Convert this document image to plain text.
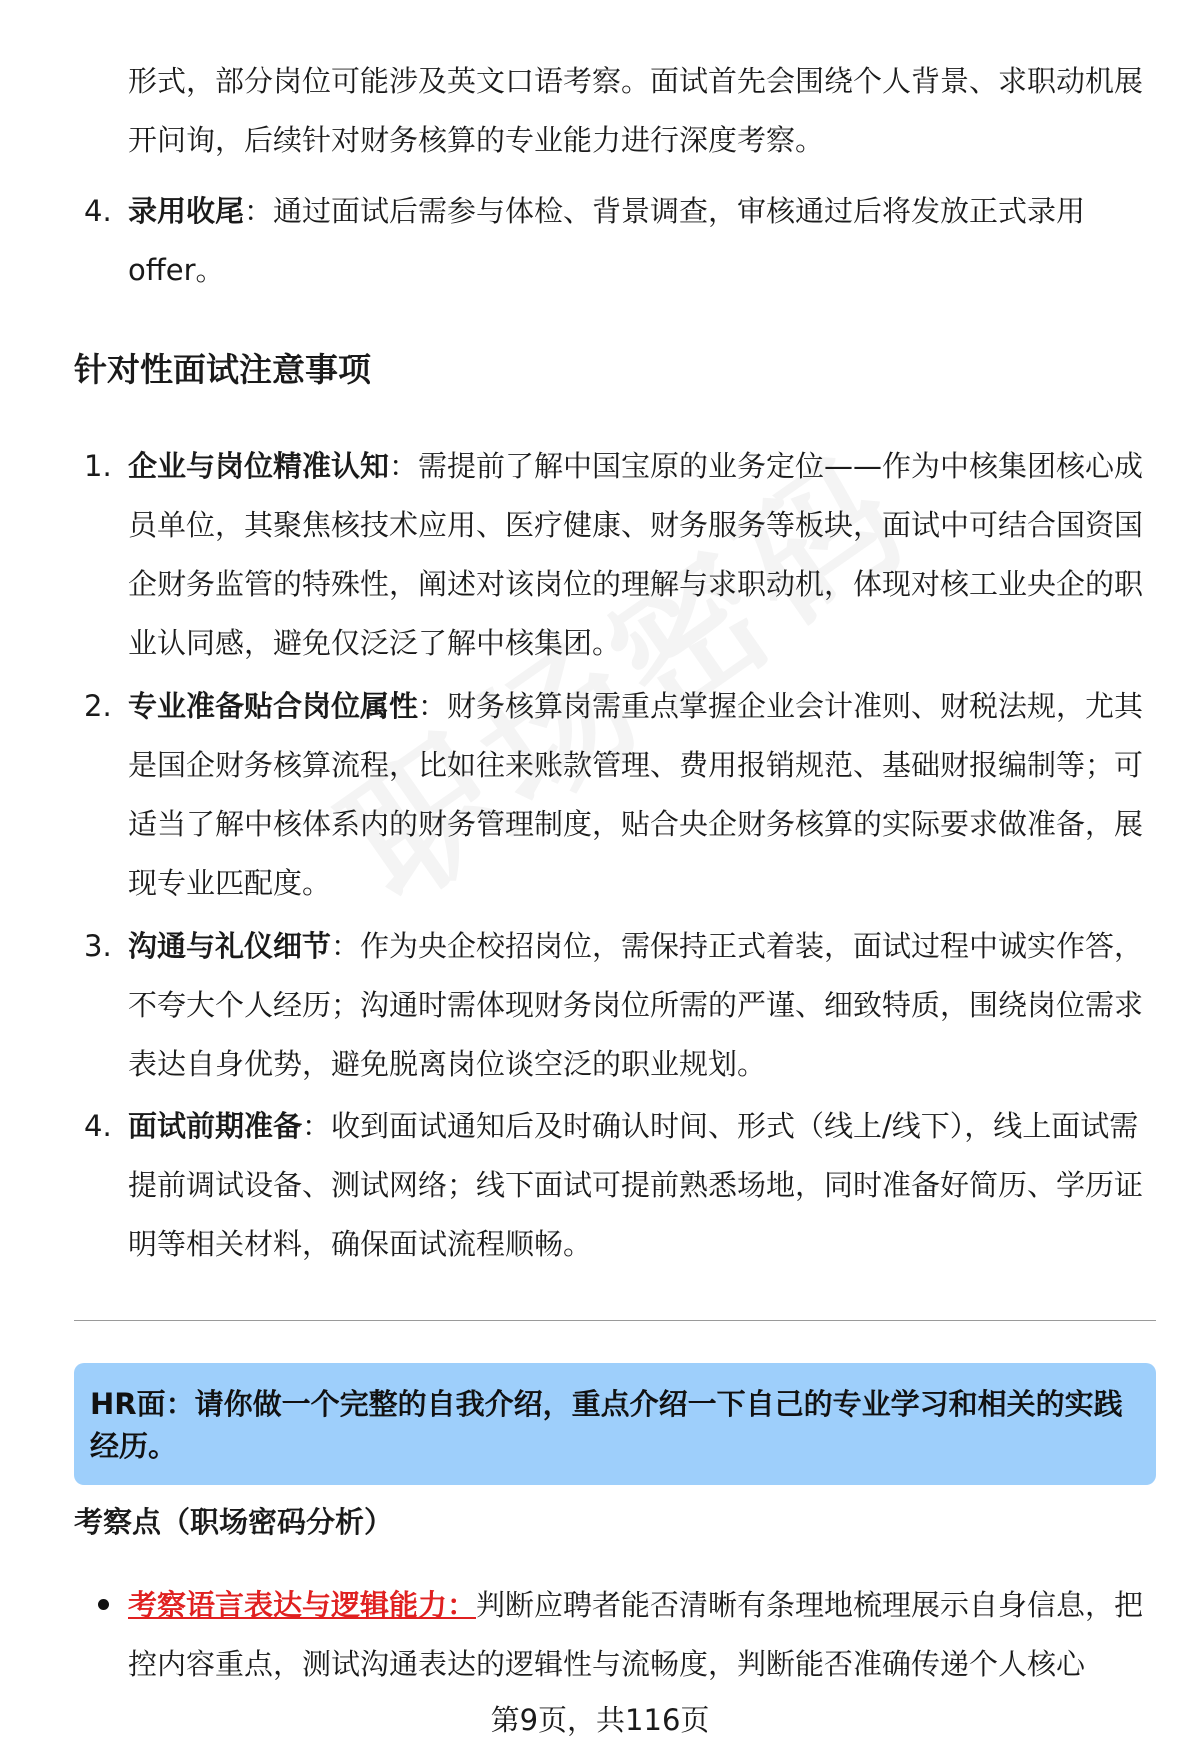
形式，部分岗位可能涉及英文口语考察。面试首先会围绕个人背景、求职动机展开问询，后续针对财务核算的专业能力进行深度考察。
4. 录用收尾：通过面试后需参与体检、背景调查，审核通过后将发放正式录用offer。
针对性面试注意事项
1. 企业与岗位精准认知：需提前了解中国宝原的业务定位——作为中核集团核心成员单位，其聚焦核技术应用、医疗健康、财务服务等板块，面试中可结合国资国企财务监管的特殊性，阐述对该岗位的理解与求职动机，体现对核工业央企的职业认同感，避免仅泛泛了解中核集团。
2. 专业准备贴合岗位属性：财务核算岗需重点掌握企业会计准则、财税法规，尤其是国企财务核算流程，比如往来账款管理、费用报销规范、基础财报编制等；可适当了解中核体系内的财务管理制度，贴合央企财务核算的实际要求做准备，展现专业匹配度。
3. 沟通与礼仪细节：作为央企校招岗位，需保持正式着装，面试过程中诚实作答，不夸大个人经历；沟通时需体现财务岗位所需的严谨、细致特质，围绕岗位需求表达自身优势，避免脱离岗位谈空泛的职业规划。
4. 面试前期准备：收到面试通知后及时确认时间、形式（线上/线下），线上面试需提前调试设备、测试网络；线下面试可提前熟悉场地，同时准备好简历、学历证明等相关材料，确保面试流程顺畅。
HR面：请你做一个完整的自我介绍，重点介绍一下自己的专业学习和相关的实践经历。
考察点（职场密码分析）
考察语言表达与逻辑能力：判断应聘者能否清晰有条理地梳理展示自身信息，把控内容重点，测试沟通表达的逻辑性与流畅度，判断能否准确传递个人核心
第9页，共116页
